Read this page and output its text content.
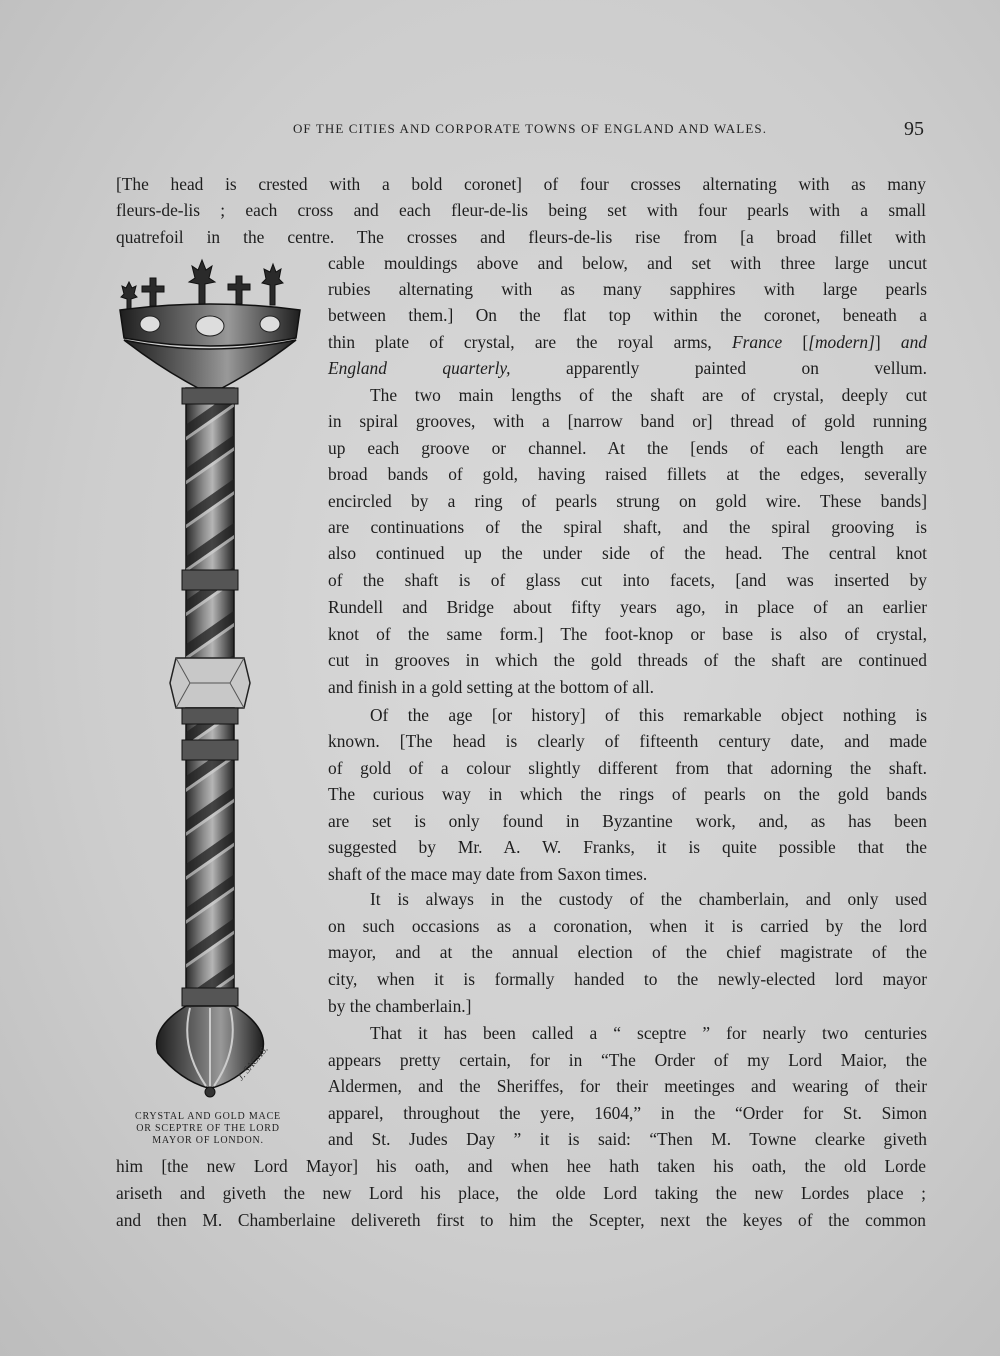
OF THE CITIES AND CORPORATE TOWNS OF ENGLAND AND WALES.	95
[The head is crested with a bold coronet] of four crosses alternating with as many
fleurs-de-lis ; each cross and each fleur-de-lis being set with four pearls with a small
quatrefoil in the centre. The crosses and fleurs-de-lis rise from [a broad fillet with
cable mouldings above and below, and set with three large uncut
rubies alternating with as many sapphires with large pearls
between them.] On the flat top within the coronet, beneath a
thin plate of crystal, are the royal arms, France [[modern]] and
England quarterly, apparently painted on vellum.
The two main lengths of the shaft are of crystal, deeply cut
in spiral grooves, with a [narrow band or] thread of gold running
up each groove or channel. At the [ends of each length are
broad bands of gold, having raised fillets at the edges, severally
encircled by a ring of pearls strung on gold wire. These bands]
are continuations of the spiral shaft, and the spiral grooving is
also continued up the under side of the head. The central knot
of the shaft is of glass cut into facets, [and was inserted by
Rundell and Bridge about fifty years ago, in place of an earlier
knot of the same form.] The foot-knop or base is also of crystal,
cut in grooves in which the gold threads of the shaft are continued
and finish in a gold setting at the bottom of all.
Of the age [or history] of this remarkable object nothing is
known. [The head is clearly of fifteenth century date, and made
of gold of a colour slightly different from that adorning the shaft.
The curious way in which the rings of pearls on the gold bands
are set is only found in Byzantine work, and, as has been
suggested by Mr. A. W. Franks, it is quite possible that the
shaft of the mace may date from Saxon times.
It is always in the custody of the chamberlain, and only used
on such occasions as a coronation, when it is carried by the lord
mayor, and at the annual election of the chief magistrate of the
city, when it is formally handed to the newly-elected lord mayor
by the chamberlain.]
That it has been called a “ sceptre ” for nearly two centuries
appears pretty certain, for in “The Order of my Lord Maior, the
Aldermen, and the Sheriffes, for their meetinges and wearing of their
apparel, throughout the yere, 1604,” in the “Order for St. Simon
and St. Judes Day ” it is said: “Then M. Towne clearke giveth
him [the new Lord Mayor] his oath, and when hee hath taken his oath, the old Lorde
ariseth and giveth the new Lord his place, the olde Lord taking the new Lordes place ;
and then M. Chamberlaine delivereth first to him the Scepter, next the keyes of the common
J. SACHS.
CRYSTAL AND GOLD MACE
OR SCEPTRE OF THE LORD
MAYOR OF LONDON.
